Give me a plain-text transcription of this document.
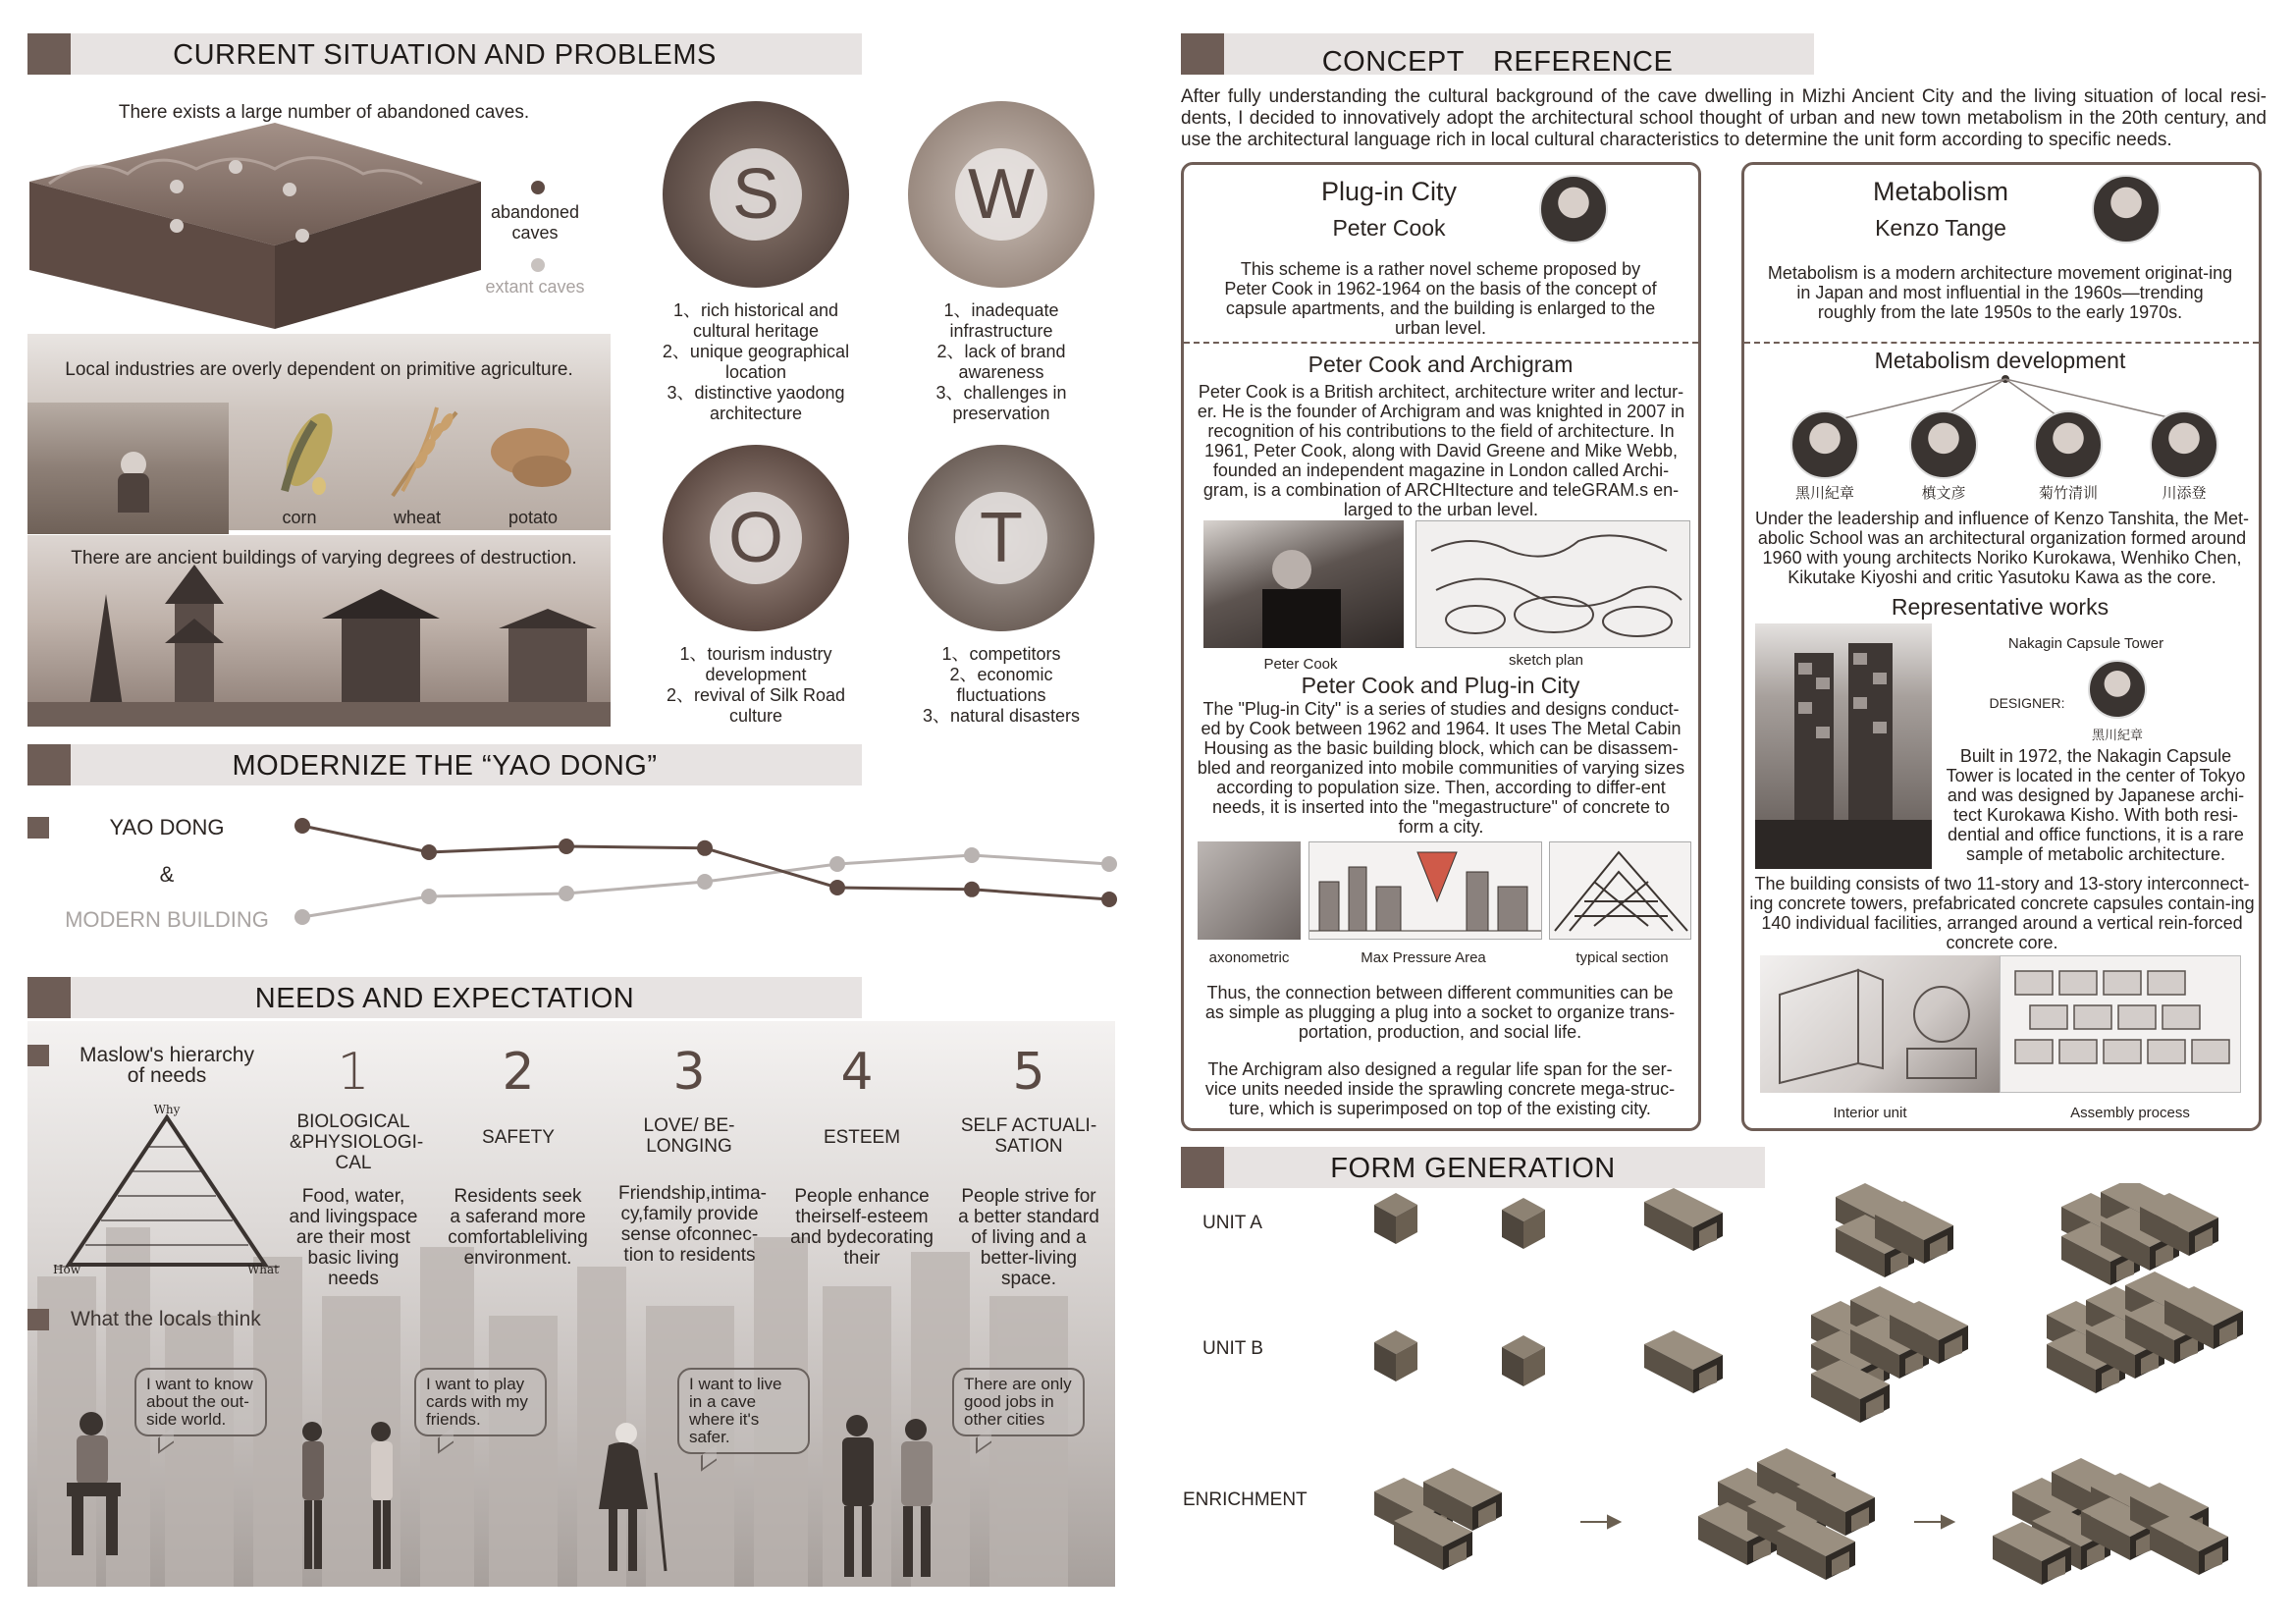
CURRENT SITUATION AND PROBLEMS
There exists a large number of abandoned caves.
abandoned caves
extant caves
Local industries are overly dependent on primitive agriculture.
corn	wheat	potato
There are ancient buildings of varying degrees of destruction.
S
1、rich historical and cultural heritage
2、unique geographical location
3、distinctive yaodong architecture
W
1、inadequate infrastructure
2、lack of brand awareness
3、challenges in preservation
O
1、tourism industry development
2、revival of Silk Road culture
T
1、competitors
2、economic fluctuations
3、natural disasters
MODERNIZE THE “YAO DONG”
YAO DONG
&
MODERN BUILDING
NEEDS AND EXPECTATION
Maslow's hierarchy of needs
Why
How	What
1
BIOLOGICAL &PHYSIOLOGI-CAL
Food, water, and livingspace are their most basic living needs
2
SAFETY
Residents seek a saferand more comfortableliving environment.
3
LOVE/ BE-LONGING
Friendship,intima-cy,family provide sense ofconnec-tion to residents
4
ESTEEM
People enhance theirself-esteem and bydecorating their
5
SELF ACTUALI-SATION
People strive for a better standard of living and a better-living space.
What the locals think
I want to know about the out-side world.
I want to play cards with my friends.
I want to live in a cave where it's safer.
There are only good jobs in other cities
CONCEPT　REFERENCE
After fully understanding the cultural background of the cave dwelling in Mizhi Ancient City and the living situation of local resi-dents, I decided to innovatively adopt the architectural school thought of urban and new town metabolism in the 20th century, and use the architectural language rich in local cultural characteristics to determine the unit form according to specific needs.
Plug-in City
Peter Cook
This scheme is a rather novel scheme proposed by Peter Cook in 1962-1964 on the basis of the concept of capsule apartments, and the building is enlarged to the urban level.
Peter Cook and Archigram
Peter Cook is a British architect, architecture writer and lectur-er. He is the founder of Archigram and was knighted in 2007 in recognition of his contributions to the field of architecture. In 1961, Peter Cook, along with David Greene and Mike Webb, founded an independent magazine in London called Archi-gram, is a combination of ARCHItecture and teleGRAM.s en-larged to the urban level.
Peter Cook	sketch plan
Peter Cook and Plug-in City
The "Plug-in City" is a series of studies and designs conduct-ed by Cook between 1962 and 1964. It uses The Metal Cabin Housing as the basic building block, which can be disassem-bled and reorganized into mobile communities of varying sizes according to population size. Then, according to differ-ent needs, it is inserted into the "megastructure" of concrete to form a city.
axonometric	Max Pressure Area	typical section
Thus, the connection between different communities can be as simple as plugging a plug into a socket to organize trans-portation, production, and social life.
The Archigram also designed a regular life span for the ser-vice units needed inside the sprawling concrete mega-struc-ture, which is superimposed on top of the existing city.
Metabolism
Kenzo Tange
Metabolism is a modern architecture movement originat-ing in Japan and most influential in the 1960s—trending roughly from the late 1950s to the early 1970s.
Metabolism development
黑川紀章	槙文彦	菊竹清训	川添登
Under the leadership and influence of Kenzo Tanshita, the Met-abolic School was an architectural organization formed around 1960 with young architects Noriko Kurokawa, Wenhiko Chen, Kikutake Kiyoshi and critic Yasutoku Kawa as the core.
Representative works
Nakagin Capsule Tower
DESIGNER:
黑川紀章
Built in 1972, the Nakagin Capsule Tower is located in the center of Tokyo and was designed by Japanese archi-tect Kurokawa Kisho. With both resi-dential and office functions, it is a rare sample of metabolic architecture.
The building consists of two 11-story and 13-story interconnect-ing concrete towers, prefabricated concrete capsules contain-ing 140 individual facilities, arranged around a vertical rein-forced concrete core.
Interior unit	Assembly process
FORM GENERATION
UNIT A
UNIT B
ENRICHMENT
